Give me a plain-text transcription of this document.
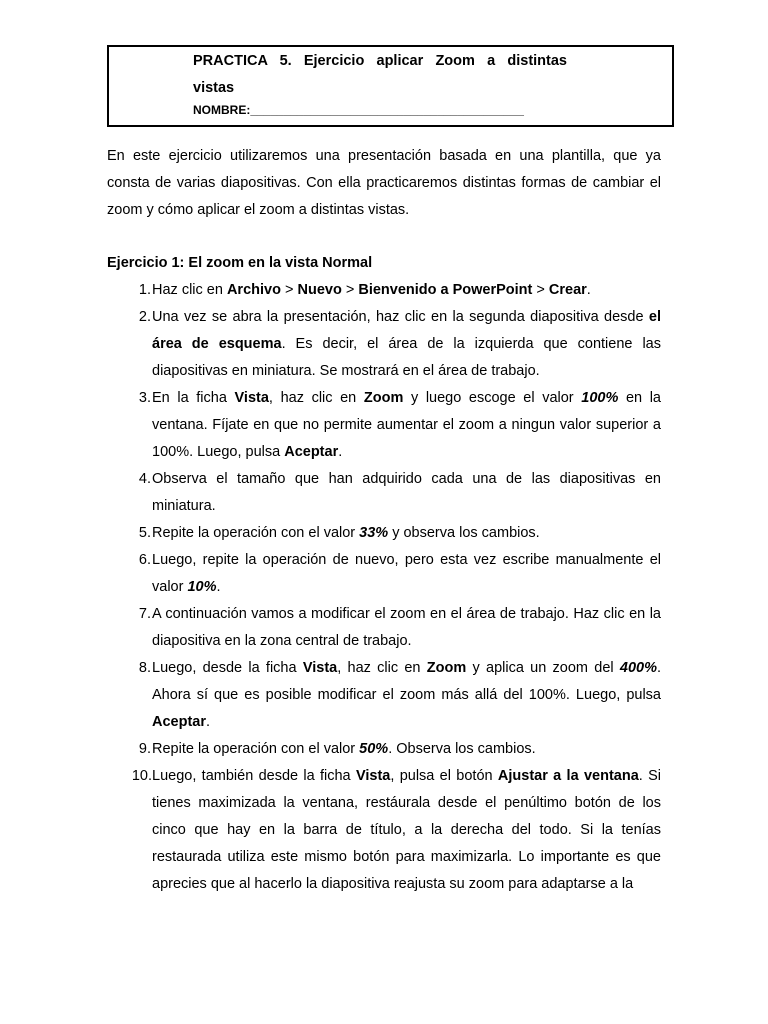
PRACTICA 5. Ejercicio aplicar Zoom a distintas
vistas
NOMBRE:_________________________________________

En este ejercicio utilizaremos una presentación basada en una plantilla, que ya consta de varias diapositivas. Con ella practicaremos distintas formas de cambiar el zoom y cómo aplicar el zoom a distintas vistas.

Ejercicio 1: El zoom en la vista Normal
1. Haz clic en Archivo > Nuevo > Bienvenido a PowerPoint > Crear.
2. Una vez se abra la presentación, haz clic en la segunda diapositiva desde el área de esquema. Es decir, el área de la izquierda que contiene las diapositivas en miniatura. Se mostrará en el área de trabajo.
3. En la ficha Vista, haz clic en Zoom y luego escoge el valor 100% en la ventana. Fíjate en que no permite aumentar el zoom a ningun valor superior a 100%. Luego, pulsa Aceptar.
4. Observa el tamaño que han adquirido cada una de las diapositivas en miniatura.
5. Repite la operación con el valor 33% y observa los cambios.
6. Luego, repite la operación de nuevo, pero esta vez escribe manualmente el valor 10%.
7. A continuación vamos a modificar el zoom en el área de trabajo. Haz clic en la diapositiva en la zona central de trabajo.
8. Luego, desde la ficha Vista, haz clic en Zoom y aplica un zoom del 400%. Ahora sí que es posible modificar el zoom más allá del 100%. Luego, pulsa Aceptar.
9. Repite la operación con el valor 50%. Observa los cambios.
10. Luego, también desde la ficha Vista, pulsa el botón Ajustar a la ventana. Si tienes maximizada la ventana, restáurala desde el penúltimo botón de los cinco que hay en la barra de título, a la derecha del todo. Si la tenías restaurada utiliza este mismo botón para maximizarla. Lo importante es que aprecies que al hacerlo la diapositiva reajusta su zoom para adaptarse a la
